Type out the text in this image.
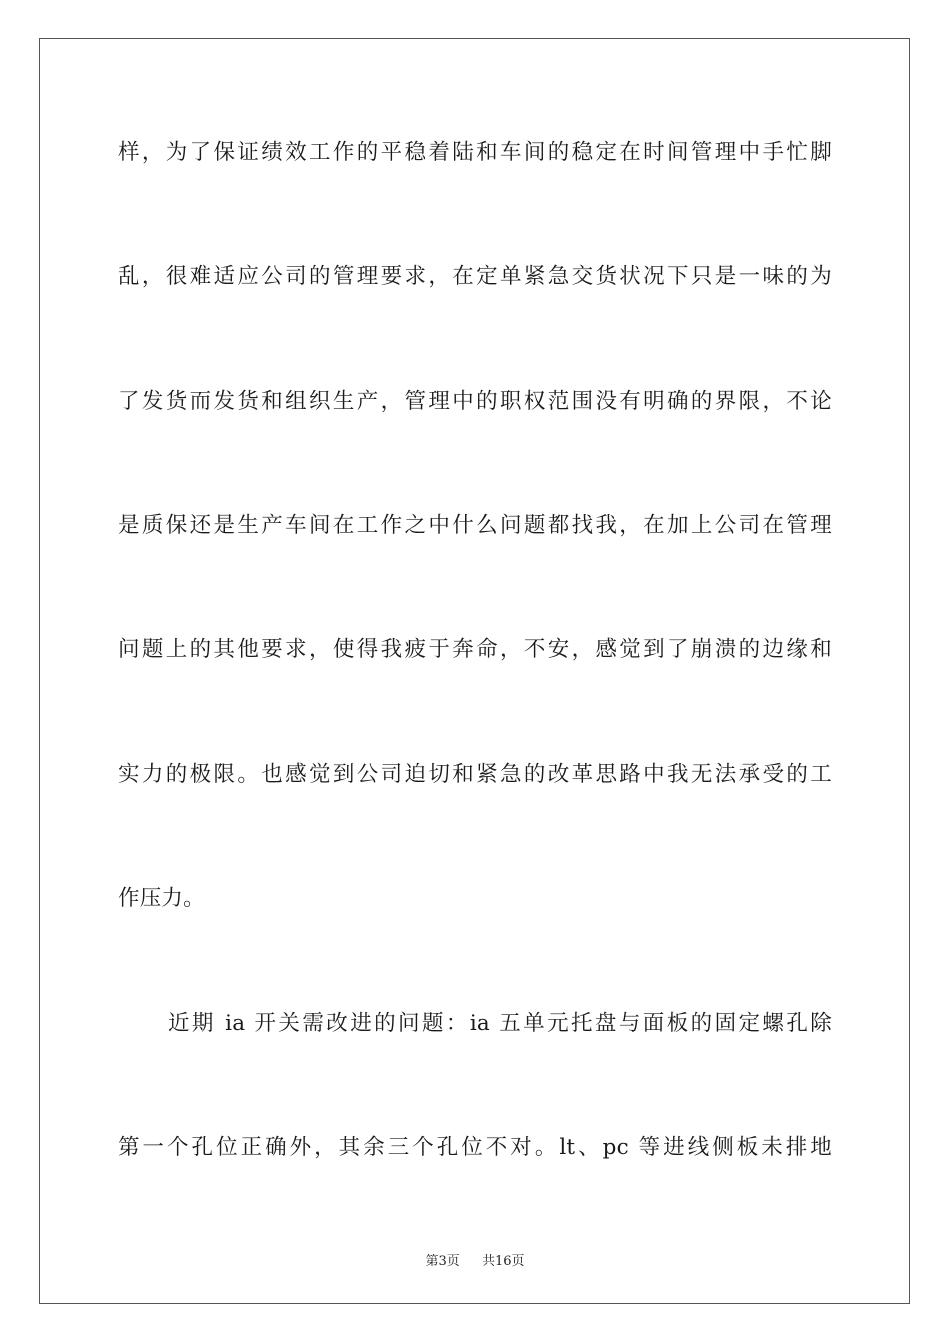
样，为了保证绩效工作的平稳着陆和车间的稳定在时间管理中手忙脚
乱，很难适应公司的管理要求，在定单紧急交货状况下只是一味的为
了发货而发货和组织生产，管理中的职权范围没有明确的界限，不论
是质保还是生产车间在工作之中什么问题都找我，在加上公司在管理
问题上的其他要求，使得我疲于奔命，不安，感觉到了崩溃的边缘和
实力的极限。也感觉到公司迫切和紧急的改革思路中我无法承受的工
作压力。
近期 ia 开关需改进的问题：ia 五单元托盘与面板的固定螺孔除
第一个孔位正确外，其余三个孔位不对。lt、pc 等进线侧板未排地
第3页 共16页
